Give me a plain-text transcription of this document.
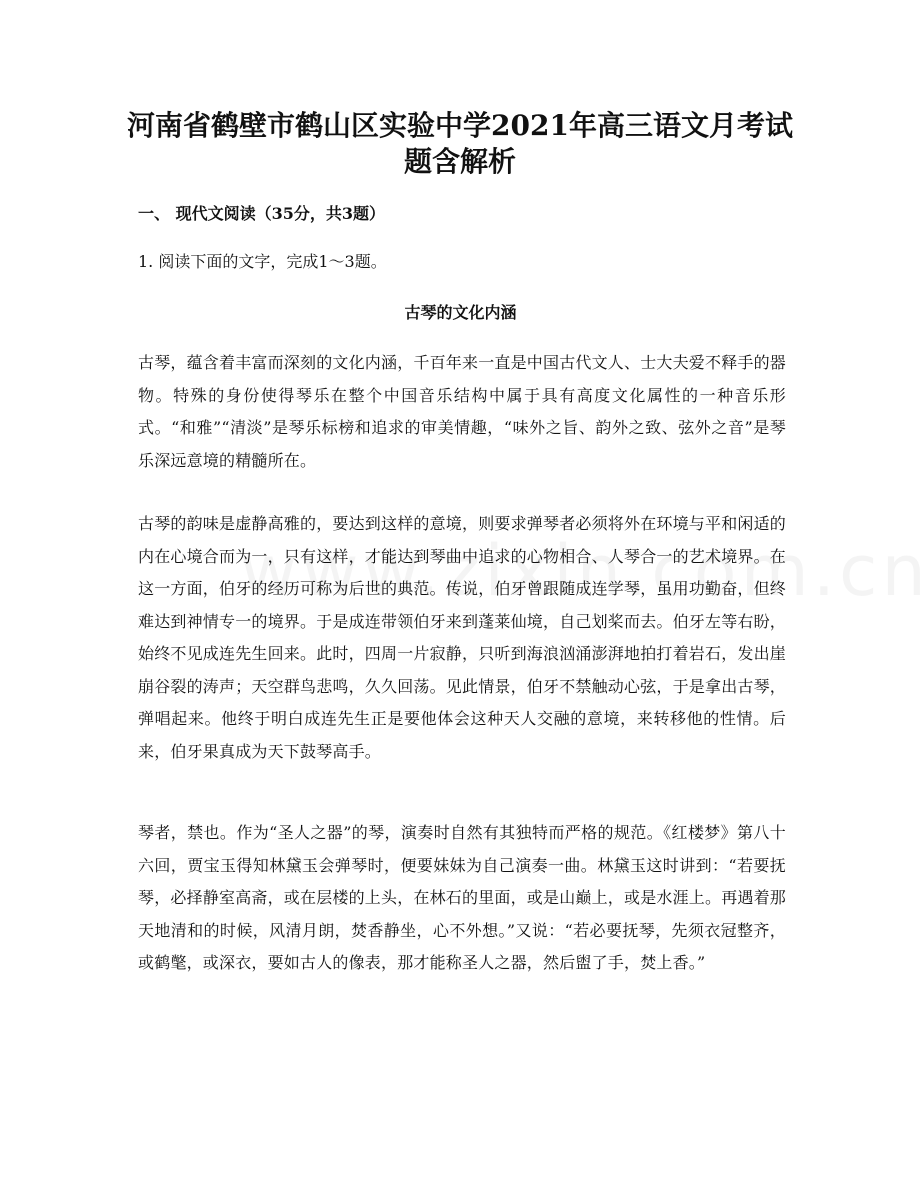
河南省鹤壁市鹤山区实验中学2021年高三语文月考试题含解析

一、 现代文阅读（35分，共3题）

1. 阅读下面的文字，完成1～3题。

古琴的文化内涵

古琴，蕴含着丰富而深刻的文化内涵，千百年来一直是中国古代文人、士大夫爱不释手的器物。特殊的身份使得琴乐在整个中国音乐结构中属于具有高度文化属性的一种音乐形式。“和雅”“清淡”是琴乐标榜和追求的审美情趣，“味外之旨、韵外之致、弦外之音”是琴乐深远意境的精髓所在。

古琴的韵味是虚静高雅的，要达到这样的意境，则要求弹琴者必须将外在环境与平和闲适的内在心境合而为一，只有这样，才能达到琴曲中追求的心物相合、人琴合一的艺术境界。在这一方面，伯牙的经历可称为后世的典范。传说，伯牙曾跟随成连学琴，虽用功勤奋，但终难达到神情专一的境界。于是成连带领伯牙来到蓬莱仙境，自己划桨而去。伯牙左等右盼，始终不见成连先生回来。此时，四周一片寂静，只听到海浪汹涌澎湃地拍打着岩石，发出崖崩谷裂的涛声；天空群鸟悲鸣，久久回荡。见此情景，伯牙不禁触动心弦，于是拿出古琴，弹唱起来。他终于明白成连先生正是要他体会这种天人交融的意境，来转移他的性情。后来，伯牙果真成为天下鼓琴高手。

琴者，禁也。作为“圣人之器”的琴，演奏时自然有其独特而严格的规范。《红楼梦》第八十六回，贾宝玉得知林黛玉会弹琴时，便要妹妹为自己演奏一曲。林黛玉这时讲到：“若要抚琴，必择静室高斋，或在层楼的上头，在林石的里面，或是山巅上，或是水涯上。再遇着那天地清和的时候，风清月朗，焚香静坐，心不外想。”又说：“若必要抚琴，先须衣冠整齐，或鹤氅，或深衣，要如古人的像表，那才能称圣人之器，然后盥了手，焚上香。”
